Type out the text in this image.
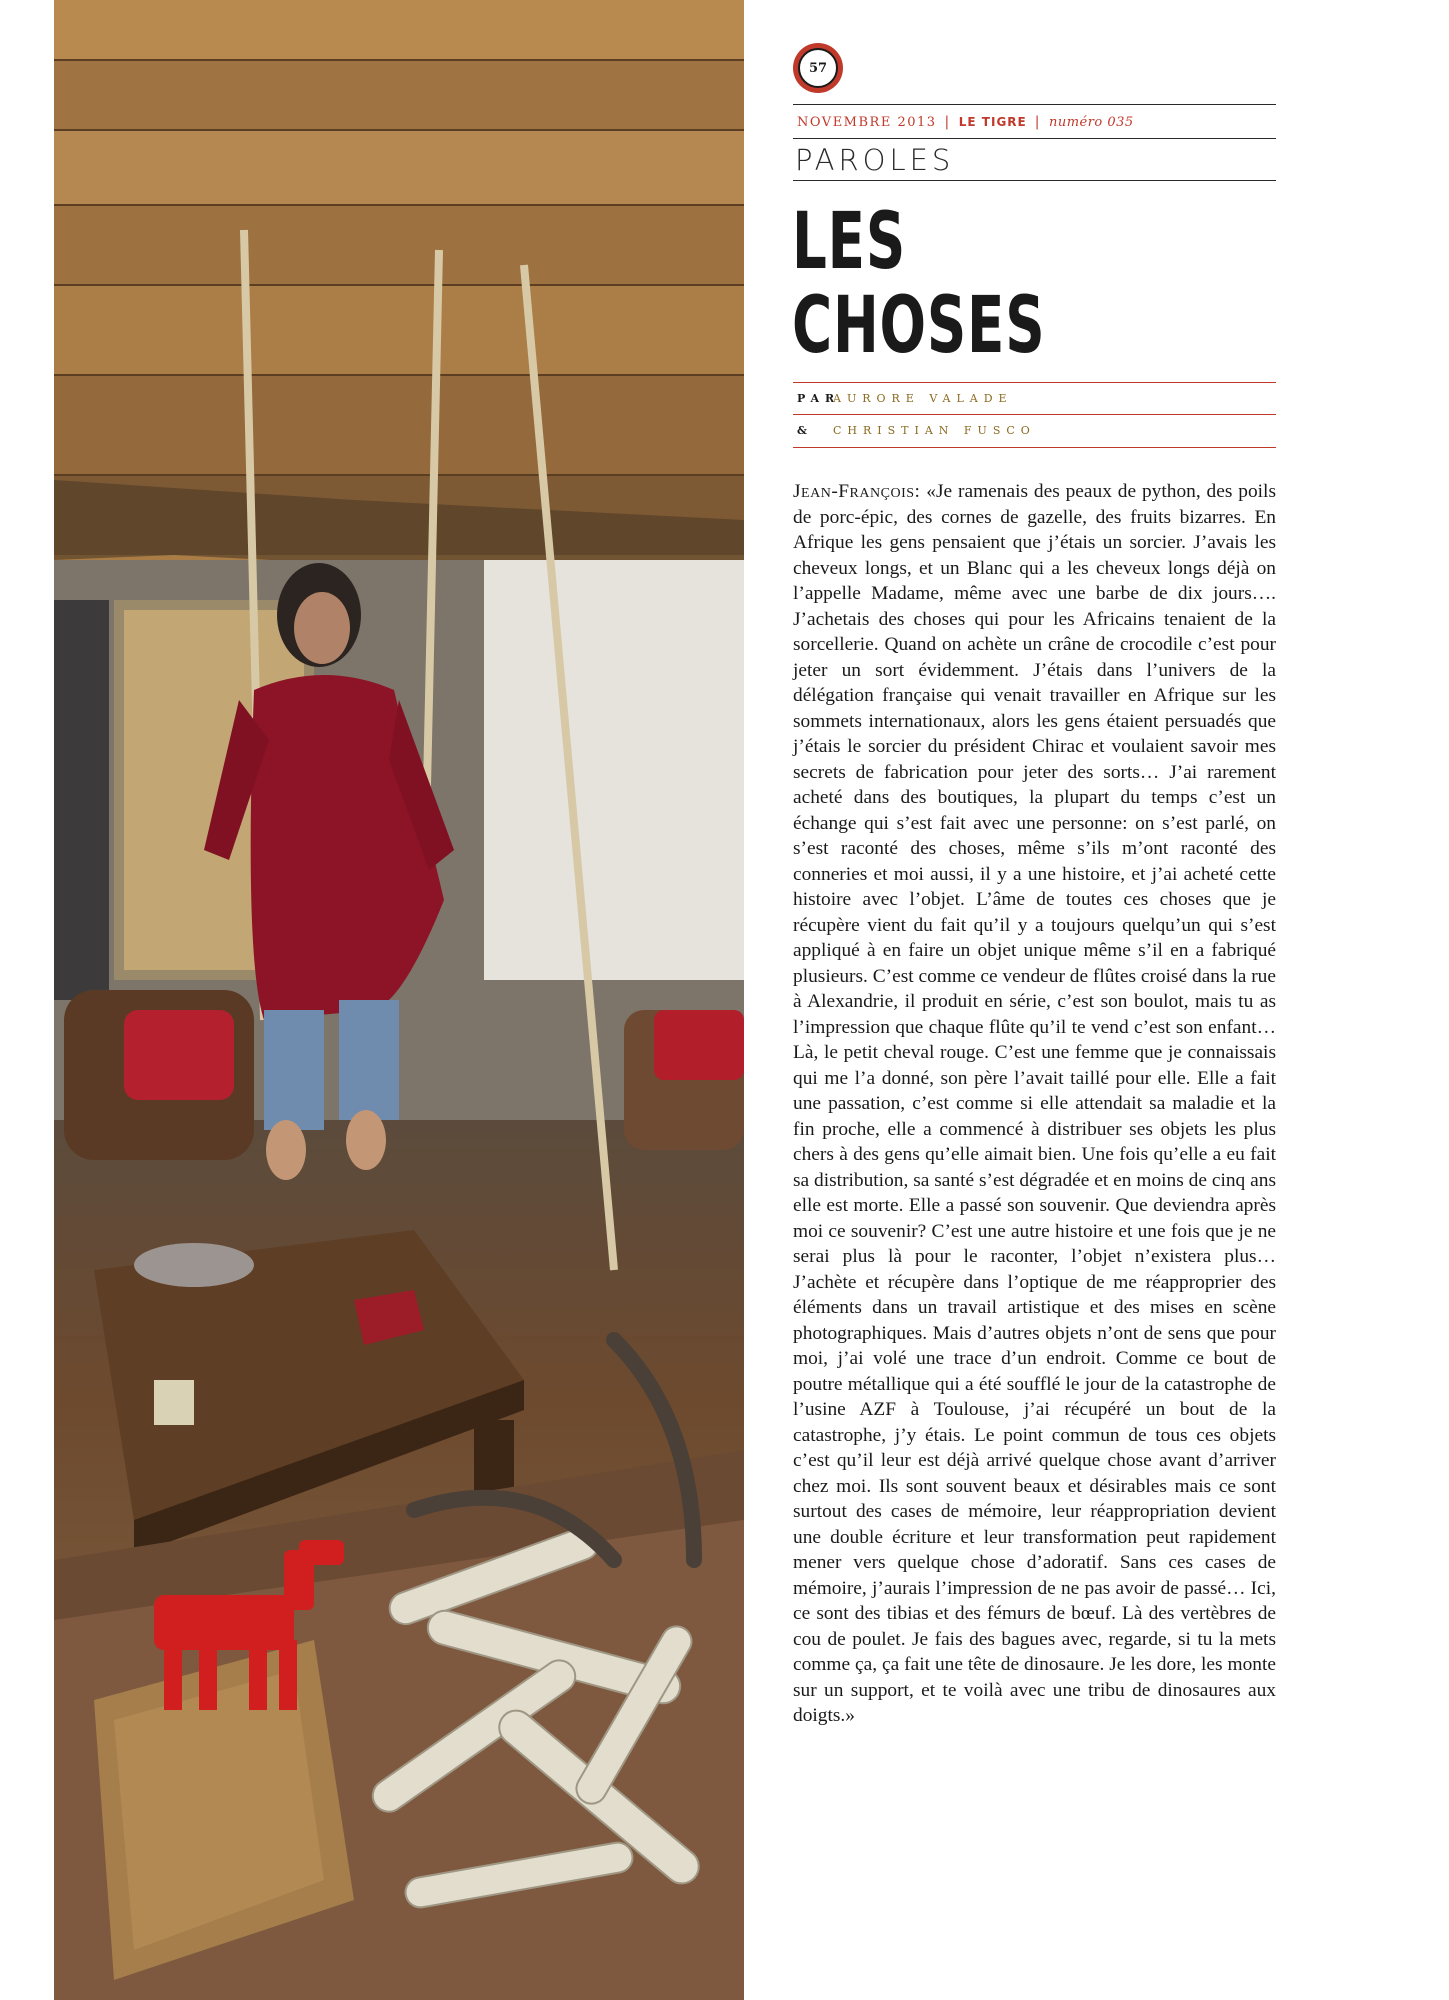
57
NOVEMBRE 2013 | LE TIGRE | numéro 035
PAROLES
LES
CHOSES
PAR
AURORE VALADE
&	CHRISTIAN FUSCO
Jean-François: «Je ramenais des peaux de python, des poils de porc-épic, des cornes de gazelle, des fruits bizarres. En Afrique les gens pensaient que j’étais un sorcier. J’avais les cheveux longs, et un Blanc qui a les cheveux longs déjà on l’appelle Madame, même avec une barbe de dix jours…. J’achetais des choses qui pour les Africains tenaient de la sorcellerie. Quand on achète un crâne de crocodile c’est pour jeter un sort évidemment. J’étais dans l’univers de la délégation française qui venait travailler en Afrique sur les sommets internationaux, alors les gens étaient persuadés que j’étais le sorcier du président Chirac et voulaient savoir mes secrets de fabrication pour jeter des sorts… J’ai rarement acheté dans des boutiques, la plupart du temps c’est un échange qui s’est fait avec une personne: on s’est parlé, on s’est raconté des choses, même s’ils m’ont raconté des conneries et moi aussi, il y a une histoire, et j’ai acheté cette histoire avec l’objet. L’âme de toutes ces choses que je récupère vient du fait qu’il y a toujours quelqu’un qui s’est appliqué à en faire un objet unique même s’il en a fabriqué plusieurs. C’est comme ce vendeur de flûtes croisé dans la rue à Alexandrie, il produit en série, c’est son boulot, mais tu as l’impression que chaque flûte qu’il te vend c’est son enfant… Là, le petit cheval rouge. C’est une femme que je connaissais qui me l’a donné, son père l’avait taillé pour elle. Elle a fait une passation, c’est comme si elle attendait sa maladie et la fin proche, elle a commencé à distribuer ses objets les plus chers à des gens qu’elle aimait bien. Une fois qu’elle a eu fait sa distribution, sa santé s’est dégradée et en moins de cinq ans elle est morte. Elle a passé son souvenir. Que deviendra après moi ce souvenir? C’est une autre histoire et une fois que je ne serai plus là pour le raconter, l’objet n’existera plus… J’achète et récupère dans l’optique de me réapproprier des éléments dans un travail artistique et des mises en scène photographiques. Mais d’autres objets n’ont de sens que pour moi, j’ai volé une trace d’un endroit. Comme ce bout de poutre métallique qui a été soufflé le jour de la catastrophe de l’usine AZF à Toulouse, j’ai récupéré un bout de la catastrophe, j’y étais. Le point commun de tous ces objets c’est qu’il leur est déjà arrivé quelque chose avant d’arriver chez moi. Ils sont souvent beaux et désirables mais ce sont surtout des cases de mémoire, leur réappropriation devient une double écriture et leur transformation peut rapidement mener vers quelque chose d’adoratif. Sans ces cases de mémoire, j’aurais l’impression de ne pas avoir de passé… Ici, ce sont des tibias et des fémurs de bœuf. Là des vertèbres de cou de poulet. Je fais des bagues avec, regarde, si tu la mets comme ça, ça fait une tête de dinosaure. Je les dore, les monte sur un support, et te voilà avec une tribu de dinosaures aux doigts.»
